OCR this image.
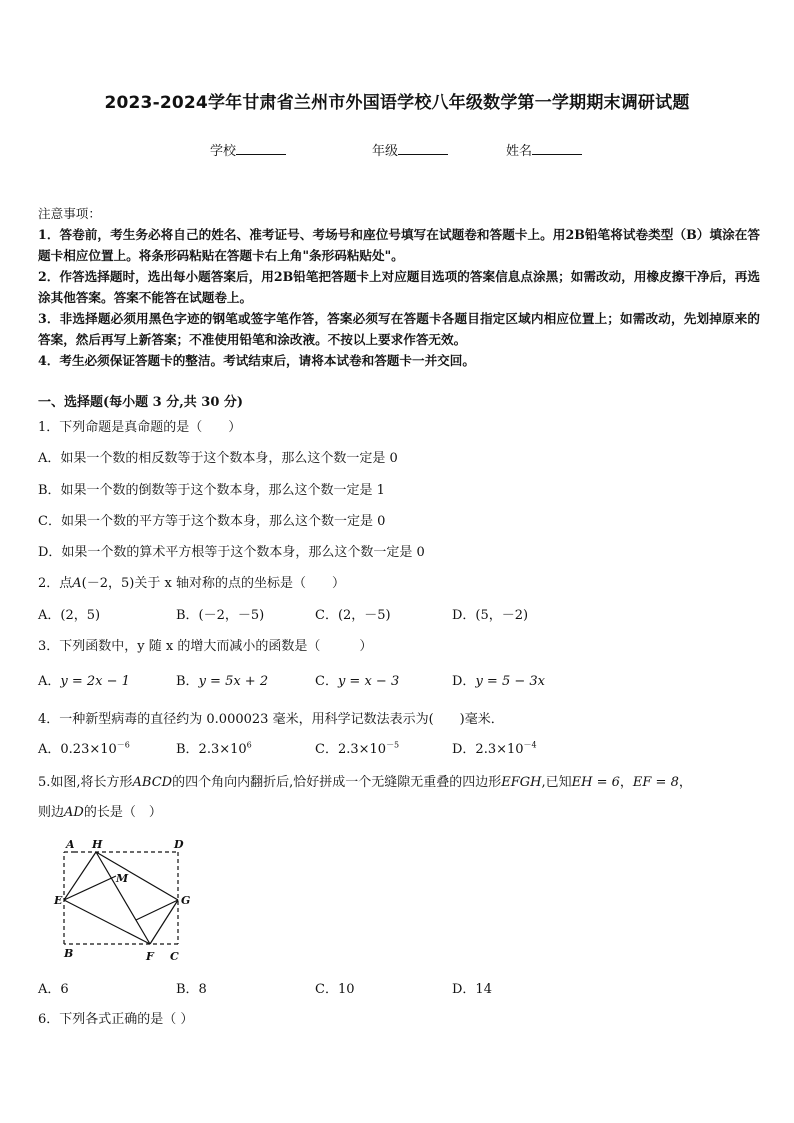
2023-2024学年甘肃省兰州市外国语学校八年级数学第一学期期末调研试题
学校	年级	姓名
注意事项：
1．答卷前，考生务必将自己的姓名、准考证号、考场号和座位号填写在试题卷和答题卡上。用2B铅笔将试卷类型（B）填涂在答题卡相应位置上。将条形码粘贴在答题卡右上角"条形码粘贴处"。
2．作答选择题时，选出每小题答案后，用2B铅笔把答题卡上对应题目选项的答案信息点涂黑；如需改动，用橡皮擦干净后，再选涂其他答案。答案不能答在试题卷上。
3．非选择题必须用黑色字迹的钢笔或签字笔作答，答案必须写在答题卡各题目指定区域内相应位置上；如需改动，先划掉原来的答案，然后再写上新答案；不准使用铅笔和涂改液。不按以上要求作答无效。
4．考生必须保证答题卡的整洁。考试结束后，请将本试卷和答题卡一并交回。
一、选择题(每小题 3 分,共 30 分)
1．下列命题是真命题的是（　　）
A．如果一个数的相反数等于这个数本身，那么这个数一定是 0
B．如果一个数的倒数等于这个数本身，那么这个数一定是 1
C．如果一个数的平方等于这个数本身，那么这个数一定是 0
D．如果一个数的算术平方根等于这个数本身，那么这个数一定是 0
2．点A(－2，5)关于 x 轴对称的点的坐标是（　　）
A．(2，5)	B．(－2，－5)	C．(2，－5)	D．(5，－2)
3．下列函数中，y 随 x 的增大而减小的函数是（　　　）
A．y = 2x − 1	B．y = 5x + 2	C．y = x − 3	D．y = 5 − 3x
4．一种新型病毒的直径约为 0.000023 毫米，用科学记数法表示为(　　)毫米．
A．$0.23\times 10^{-6}$	B．$2.3\times 10^6$	C．$2.3\times 10^{-5}$	D．$2.3\times 10^{-4}$
5.如图,将长方形ABCD的四个角向内翻折后,恰好拼成一个无缝隙无重叠的四边形EFGH,已知EH = 6，EF = 8，
则边AD的长是（　）
A H	D
M
E	G
B	F C
A．6	B．8	C．10	D．14
6．下列各式正确的是（ ）
